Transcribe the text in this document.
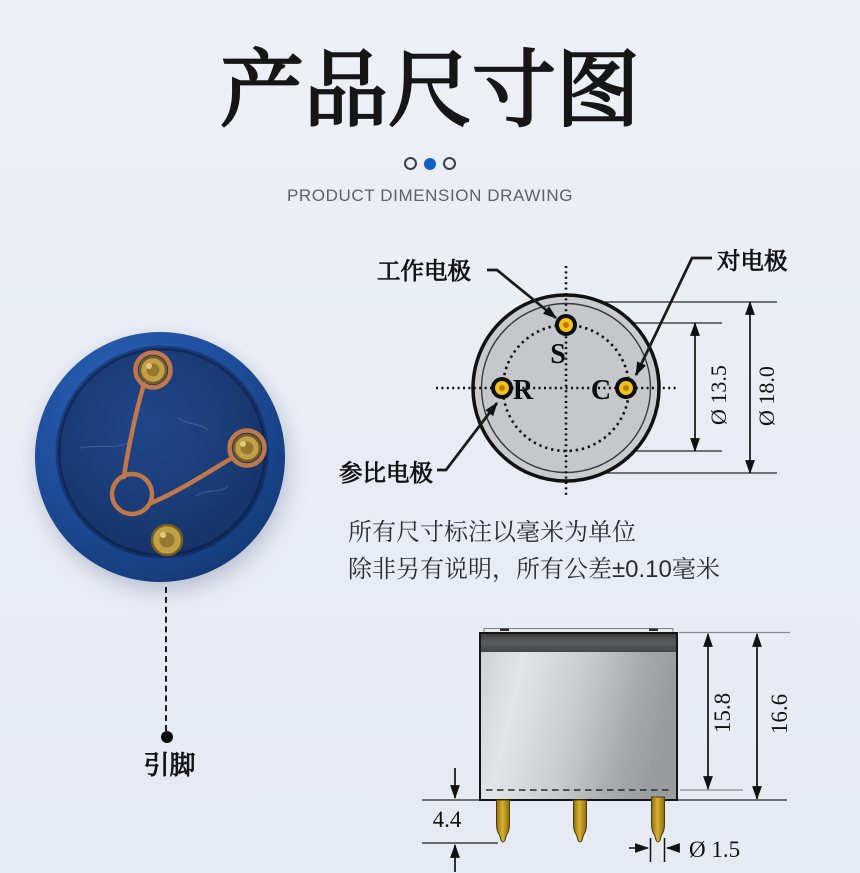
产品尺寸图
PRODUCT DIMENSION DRAWING
引脚
Ø 13.5 Ø 18.0
S
R C
工作电极	对电极
参比电极
所有尺寸标注以毫米为单位
除非另有说明，所有公差±0.10毫米
15.8 16.6
4.4
Ø 1.5
